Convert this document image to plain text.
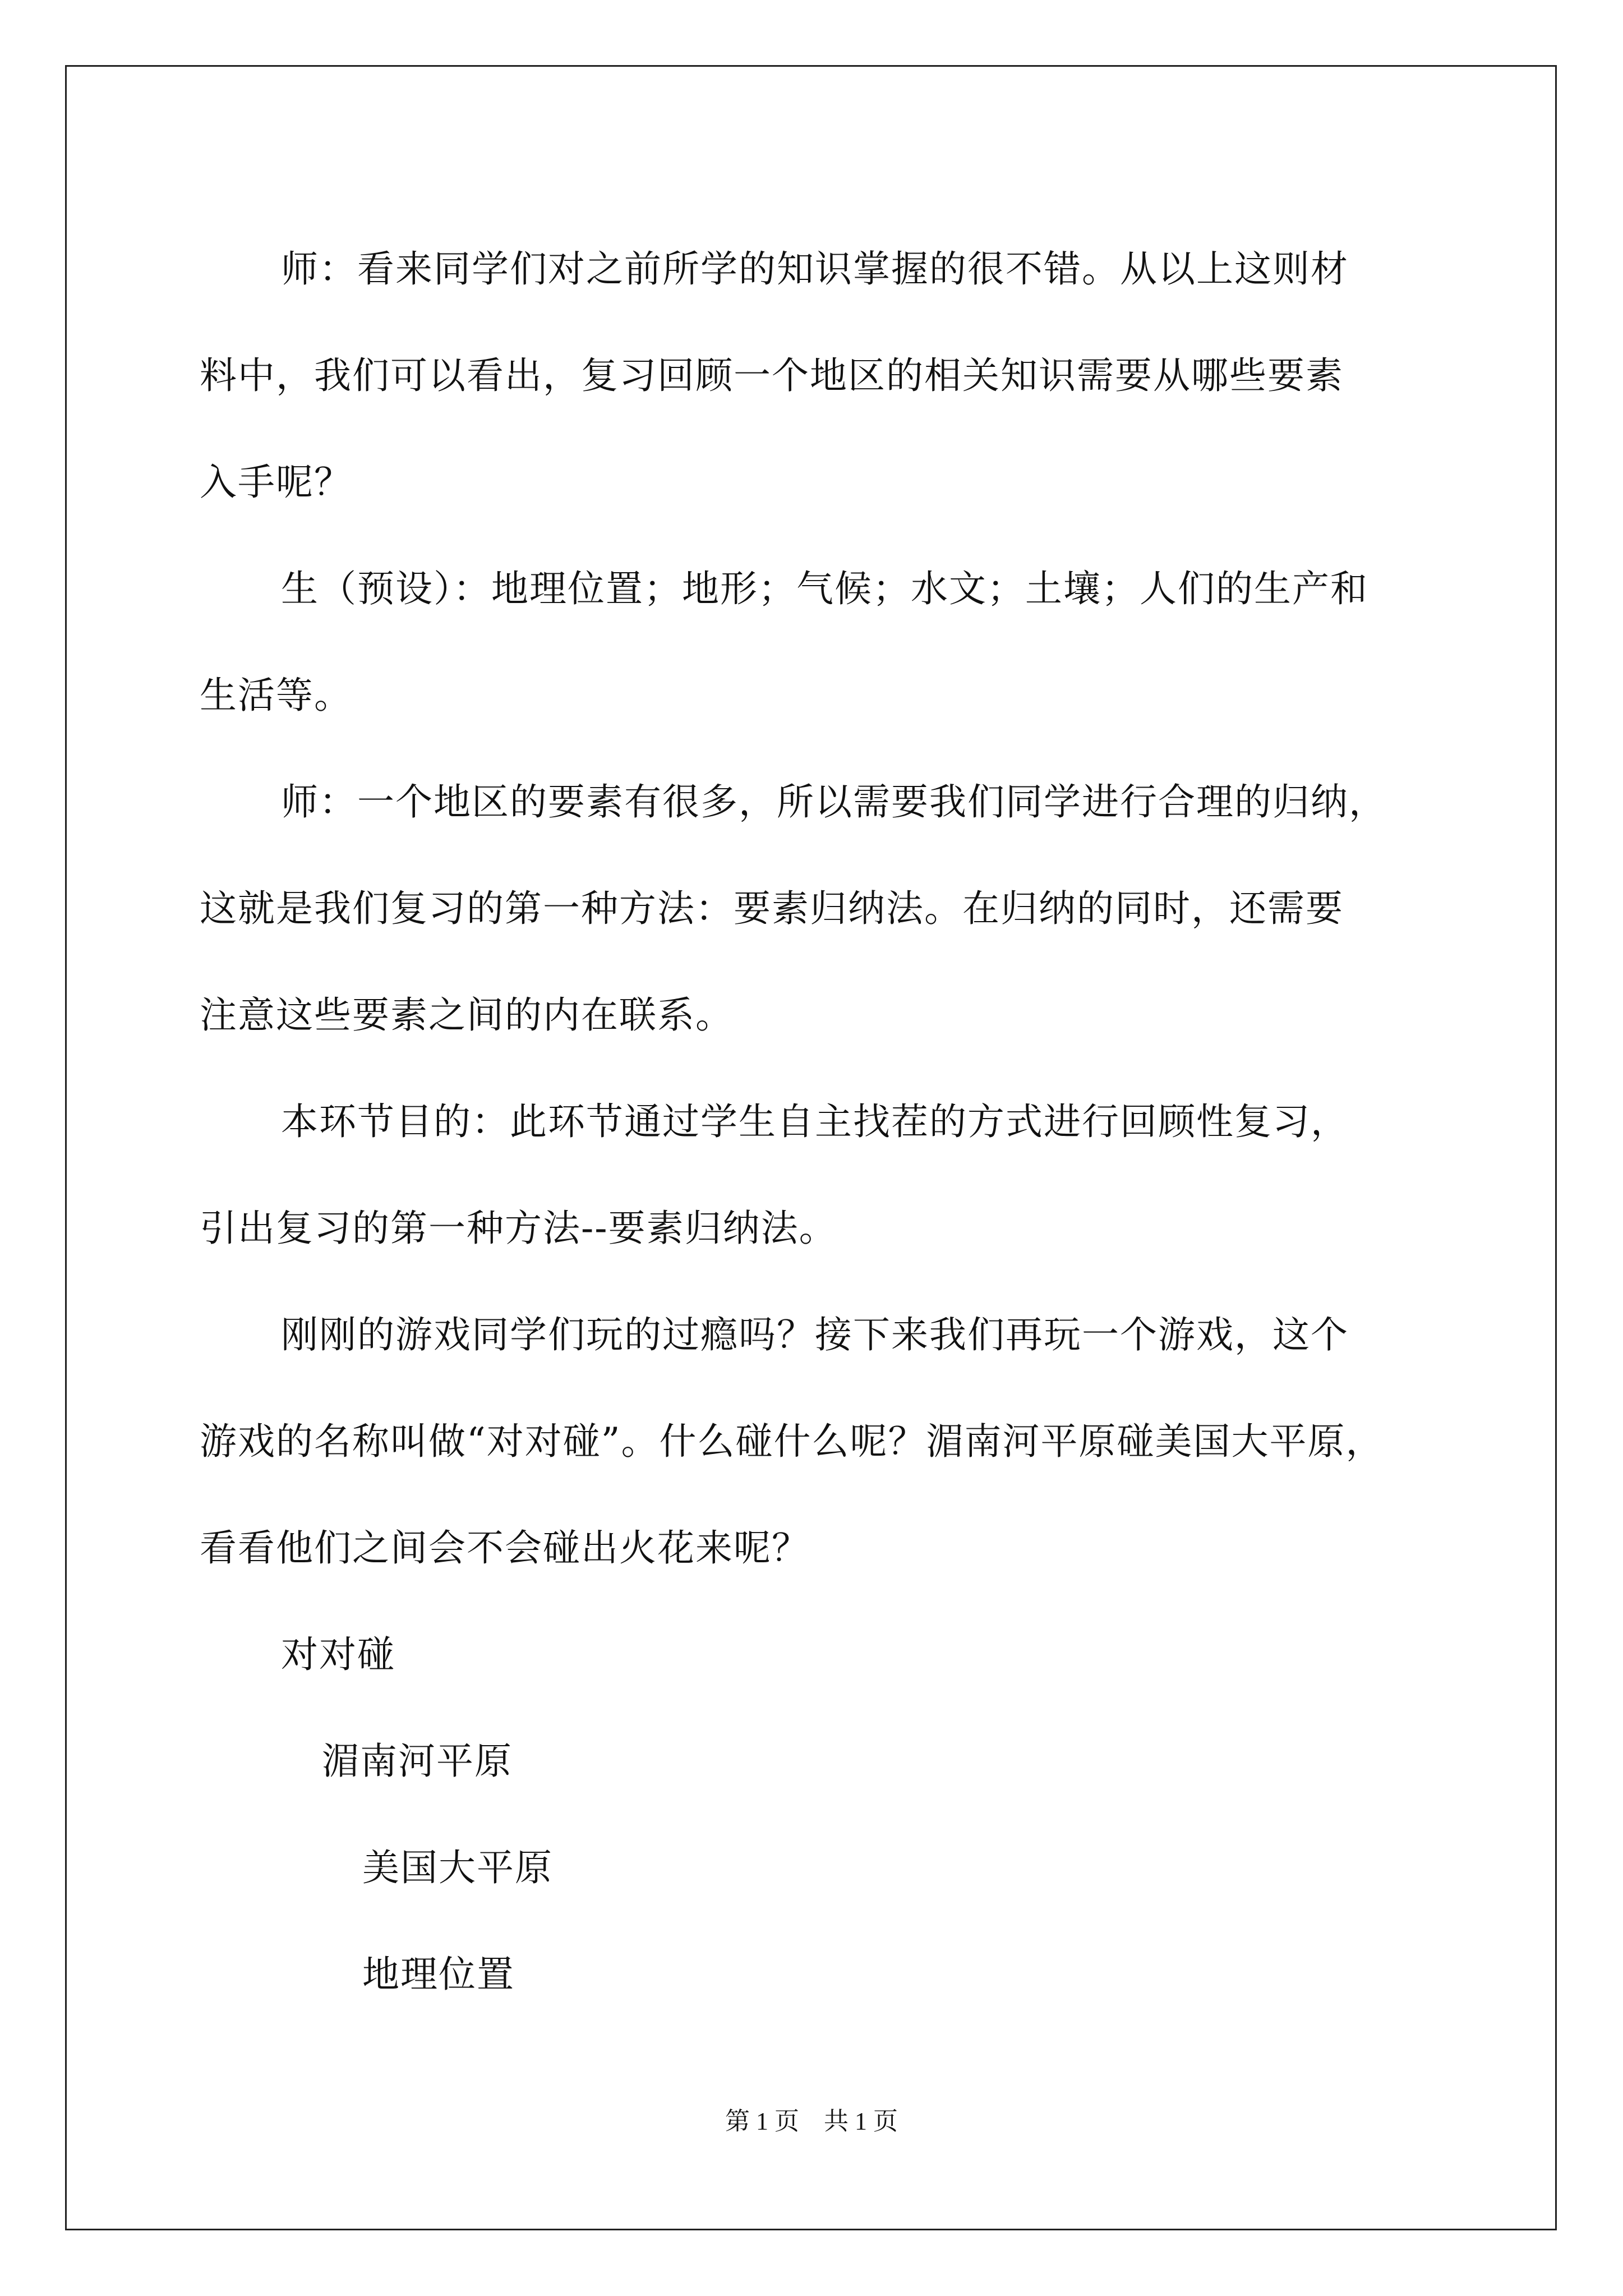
师：看来同学们对之前所学的知识掌握的很不错。从以上这则材

料中，我们可以看出，复习回顾一个地区的相关知识需要从哪些要素

入手呢？

生（预设）：地理位置；地形；气候；水文；土壤；人们的生产和

生活等。

师：一个地区的要素有很多，所以需要我们同学进行合理的归纳，

这就是我们复习的第一种方法：要素归纳法。在归纳的同时，还需要

注意这些要素之间的内在联系。

本环节目的：此环节通过学生自主找茬的方式进行回顾性复习，

引出复习的第一种方法--要素归纳法。

刚刚的游戏同学们玩的过瘾吗？接下来我们再玩一个游戏，这个

游戏的名称叫做“对对碰”。什么碰什么呢？湄南河平原碰美国大平原，

看看他们之间会不会碰出火花来呢？

对对碰

湄南河平原

美国大平原

地理位置

第 1 页    共 1 页
